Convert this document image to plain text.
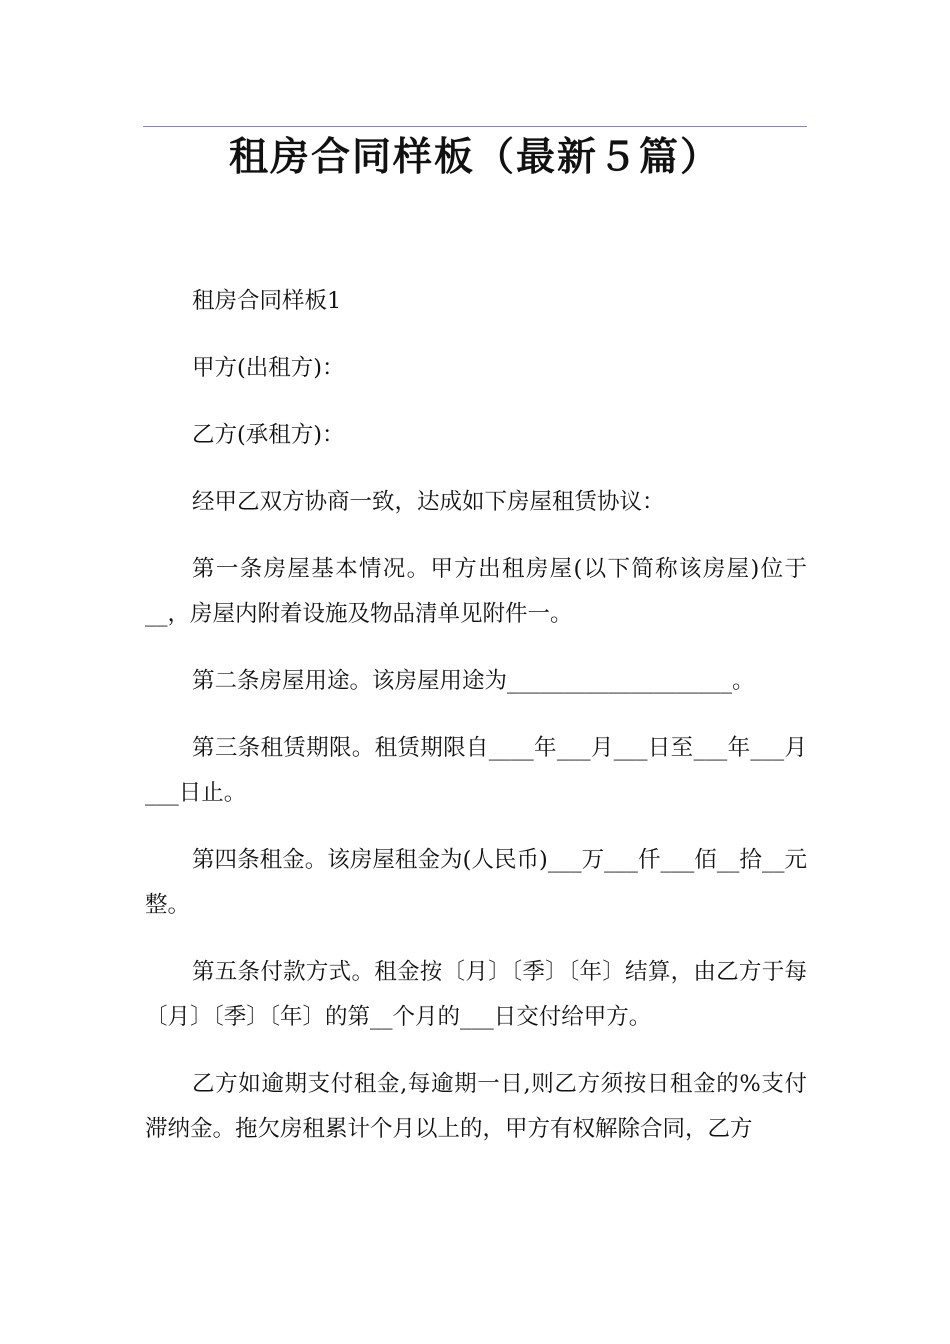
租房合同样板（最新５篇）

租房合同样板1

甲方(出租方)：

乙方(承租方)：

经甲乙双方协商一致，达成如下房屋租赁协议：

第一条房屋基本情况。甲方出租房屋(以下简称该房屋)位于__，房屋内附着设施及物品清单见附件一。

第二条房屋用途。该房屋用途为____________________。

第三条租赁期限。租赁期限自____年___月___日至___年___月___日止。

第四条租金。该房屋租金为(人民币)___万___仟___佰__拾__元整。

第五条付款方式。租金按〔月〕〔季〕〔年〕结算，由乙方于每〔月〕〔季〕〔年〕的第__个月的___日交付给甲方。

乙方如逾期支付租金,每逾期一日,则乙方须按日租金的%支付滞纳金。拖欠房租累计个月以上的，甲方有权解除合同，乙方
